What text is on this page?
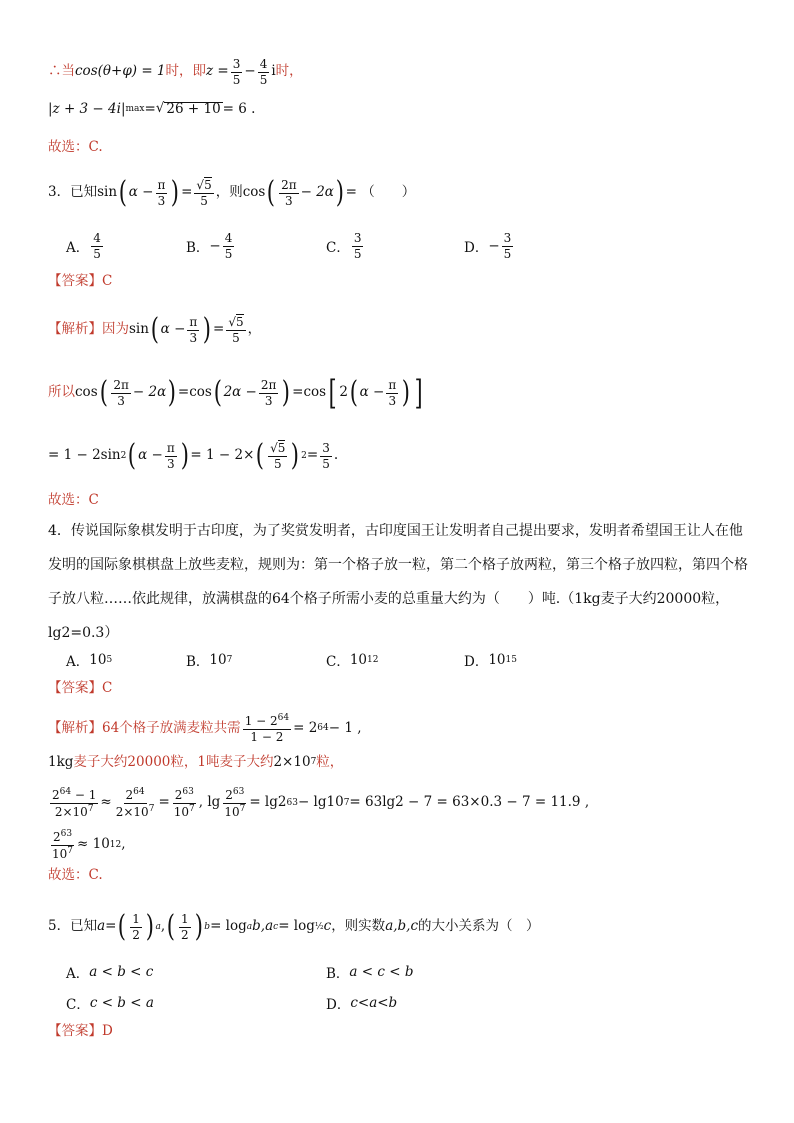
∴当 cos(θ+φ) = 1 时，即 $z = \frac{3}{5} - \frac{4}{5}$ i 时，
|z + 3 − 4i| max = √ 26 + 10 = 6 .
故选：C.
3．已知 sin ( $\alpha - \frac{\pi}{3}$ ) = $\frac{√5}{5}$ ，则 cos ( $\frac{2\pi}{3} - 2\alpha$ ) = （　　）
A． $\frac{4}{5}$	B． − $\frac{4}{5}$	C． $\frac{3}{5}$	D． − $\frac{3}{5}$
【答案】 C
【解析】 因为 sin ( $\alpha - \frac{\pi}{3}$ ) = $\frac{√5}{5}$ ，
所以 cos ( $\frac{2\pi}{3} - 2\alpha$ ) = cos ( $2\alpha - \frac{2\pi}{3}$ ) = cos [ 2 ( $\alpha - \frac{\pi}{3}$ ) ]
= 1 − 2sin 2 ( $\alpha - \frac{\pi}{3}$ ) = 1 − 2× ( $\frac{√5}{5}$ ) $2 = \frac{3}{5}$ .
故选：C
4．传说国际象棋发明于古印度，为了奖赏发明者，古印度国王让发明者自己提出要求，发明者希望国王让人在他发明的国际象棋棋盘上放些麦粒，规则为：第一个格子放一粒，第二个格子放两粒，第三个格子放四粒，第四个格子放八粒……依此规律，放满棋盘的64个格子所需小麦的总重量大约为（　　）吨.（1kg麦子大约20000粒，lg2=0.3）
A． 10 5	B． 10 7	C． 10 12	D． 10 15
【答案】 C
【解析】 64个格子放满麦粒共需 $\frac{1 - 2^{64}}{1 - 2} = 2$ 64 − 1 ,
1kg 麦子大约20000粒，1吨麦子大约 2×10 7 粒，
$\frac{2^{64} - 1}{2\times 10^7} \approx \frac{2^{64}}{2\times 10^7} = \frac{2^{63}}{10^7}$ , $\lg \frac{2^{63}}{10^7} = \lg 2$ 63 − lg10 7 = 63lg2 − 7 = 63×0.3 − 7 = 11.9 ,
$\frac{2^{63}}{10^7} \approx 10$ 12 ,
故选：C.
5．已知 a = ( $\frac{1}{2}$ ) a , ( $\frac{1}{2}$ ) b = log a b, a c = log ½ c ，则实数 a,b,c 的大小关系为（　）
A． a < b < c	B． a < c < b
C． c < b < a	D． c<a<b
【答案】 D
